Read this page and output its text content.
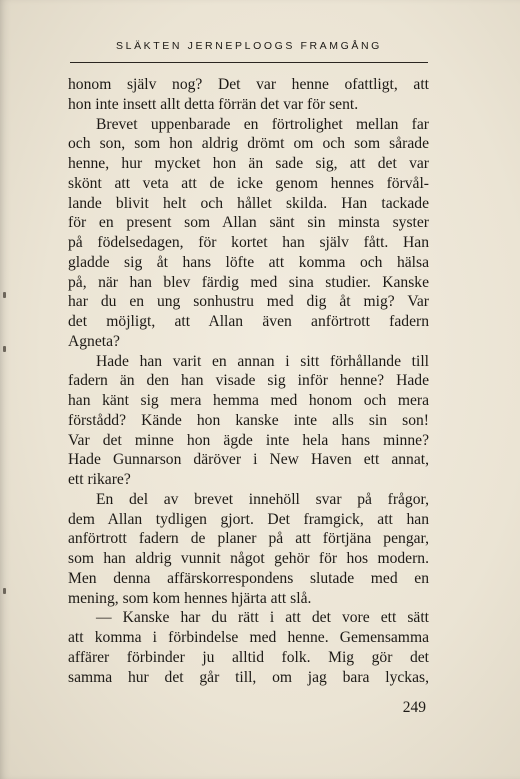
SLÄKTEN JERNEPLOOGS FRAMGÅNG
honom själv nog? Det var henne ofattligt, att
hon inte insett allt detta förrän det var för sent.
Brevet uppenbarade en förtrolighet mellan far
och son, som hon aldrig drömt om och som sårade
henne, hur mycket hon än sade sig, att det var
skönt att veta att de icke genom hennes förvål-
lande blivit helt och hållet skilda. Han tackade
för en present som Allan sänt sin minsta syster
på födelsedagen, för kortet han själv fått. Han
gladde sig åt hans löfte att komma och hälsa
på, när han blev färdig med sina studier. Kanske
har du en ung sonhustru med dig åt mig? Var
det möjligt, att Allan även anförtrott fadern
Agneta?
Hade han varit en annan i sitt förhållande till
fadern än den han visade sig inför henne? Hade
han känt sig mera hemma med honom och mera
förstådd? Kände hon kanske inte alls sin son!
Var det minne hon ägde inte hela hans minne?
Hade Gunnarson däröver i New Haven ett annat,
ett rikare?
En del av brevet innehöll svar på frågor,
dem Allan tydligen gjort. Det framgick, att han
anförtrott fadern de planer på att förtjäna pengar,
som han aldrig vunnit något gehör för hos modern.
Men denna affärskorrespondens slutade med en
mening, som kom hennes hjärta att slå.
— Kanske har du rätt i att det vore ett sätt
att komma i förbindelse med henne. Gemensamma
affärer förbinder ju alltid folk. Mig gör det
samma hur det går till, om jag bara lyckas,
249
